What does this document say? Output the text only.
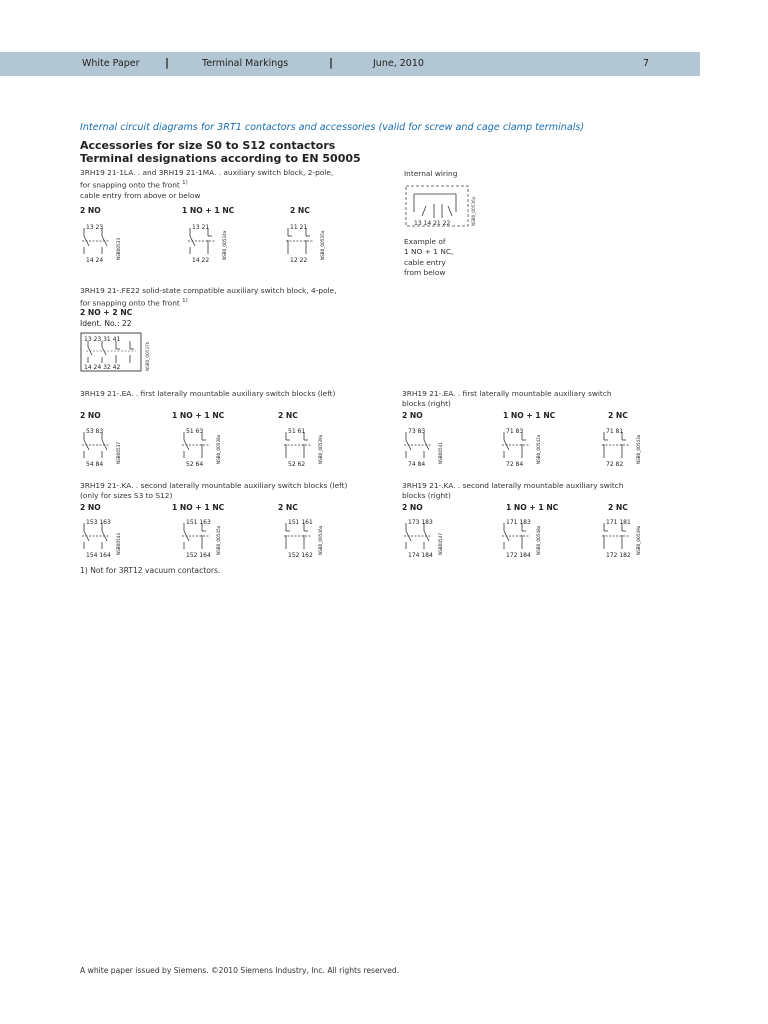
White Paper |	Terminal Markings	|	June, 2010	7
Internal circuit diagrams for 3RT1 contactors and accessories (valid for screw and cage clamp terminals)
Accessories for size S0 to S12 contactors
Terminal designations according to EN 50005
3RH19 21-1LA. . and 3RH19 21-1MA. . auxiliary switch block, 2-pole,
for snapping onto the front $^{1)}$
cable entry from above or below
2 NO	1 NO + 1 NC	2 NC
Internal wiring
13 14 21 22	NSB0_00536a
Example of
1 NO + 1 NC,
cable entry
from below
3RH19 21-.FE22 solid-state compatible auxiliary switch block, 4-pole,
for snapping onto the front $^{1)}$
2 NO + 2 NC
Ident. No.: 22
13 23 31 41
14 24 32 42	NSB0_00537b
3RH19 21-.EA. . first laterally mountable auxiliary switch blocks (left)
2 NO	1 NO + 1 NC	2 NC
3RH19 21-.EA. . first laterally mountable auxiliary switch
blocks (right)
2 NO	1 NO + 1 NC	2 NC
3RH19 21-.KA. . second laterally mountable auxiliary switch blocks (left)
(only for sizes S3 to S12)
2 NO	1 NO + 1 NC	2 NC
3RH19 21-.KA. . second laterally mountable auxiliary switch
blocks (right)
2 NO	1 NO + 1 NC	2 NC
13 23
14 24
NSB00533
13 21
14 22
NSB0_00534a
11 21
12 22
NSB0_00535a
53 83
54 84
NSB00537
51 63
52 64
NSB0_00538a
51 61
52 62
NSB0_00539a
73 83
74 84
NSB00541
71 83
72 84
NSB0_00542a
71 81
72 82
NSB0_00543a
153 163
154 164
NSB00544
151 163
152 164
NSB0_00545a
151 161
152 162
NSB0_00546a
173 183
174 184
NSB00547
171 183
172 184
NSB0_00548a
171 181
172 182
NSB0_00549a
1) Not for 3RT12 vacuum contactors.
A white paper issued by Siemens. ©2010 Siemens Industry, Inc. All rights reserved.
